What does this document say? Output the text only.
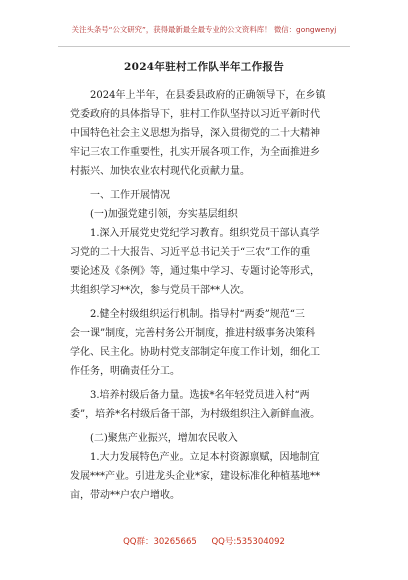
关注头条号“公文研究”，获得最新最全最专业的公文资料库！ 微信：gongwenyj
2024年驻村工作队半年工作报告
　　2024年上半年，在县委县政府的正确领导下，在乡镇
党委政府的具体指导下，驻村工作队坚持以习近平新时代
中国特色社会主义思想为指导，深入贯彻党的二十大精神
牢记三农工作重要性，扎实开展各项工作，为全面推进乡
村振兴、加快农业农村现代化贡献力量。
　　一、工作开展情况
　　(一)加强党建引领，夯实基层组织
　　1.深入开展党史党纪学习教育。组织党员干部认真学
习党的二十大报告、习近平总书记关于“三农”工作的重
要论述及《条例》等，通过集中学习、专题讨论等形式，
共组织学习**次，参与党员干部**人次。
　　2.健全村级组织运行机制。指导村“两委”规范“三
会一课”制度，完善村务公开制度，推进村级事务决策科
学化、民主化。协助村党支部制定年度工作计划，细化工
作任务，明确责任分工。
　　3.培养村级后备力量。选拔*名年轻党员进入村“两
委”，培养*名村级后备干部，为村级组织注入新鲜血液。
　　(二)聚焦产业振兴，增加农民收入
　　1.大力发展特色产业。立足本村资源禀赋，因地制宜
发展***产业。引进龙头企业*家，建设标准化种植基地**
亩，带动**户农户增收。
QQ群：30265665 QQ号:535304092
